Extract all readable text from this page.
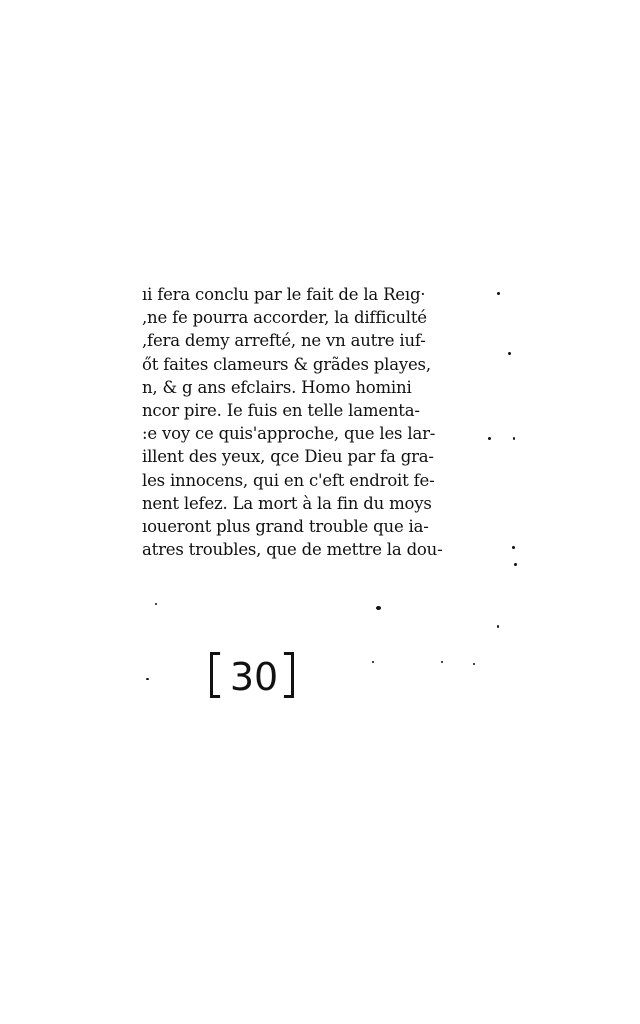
ıi fera conclu par le fait de la Reıg·
,ne fe pourra accorder, la difficulté
,fera demy arrefté, ne vn autre iuf-
őt faites clameurs & grãdes playes,
n, & g ans efclairs. Homo homini
ncor pire. Ie fuis en telle lamenta-
:e voy ce quis'approche, que les lar-
illent des yeux, qce Dieu par fa gra-
les innocens, qui en c'eft endroit fe-
nent lefez. La mort à la fin du moys
ıoueront plus grand trouble que ia-
atres troubles, que de mettre la dou-
30
